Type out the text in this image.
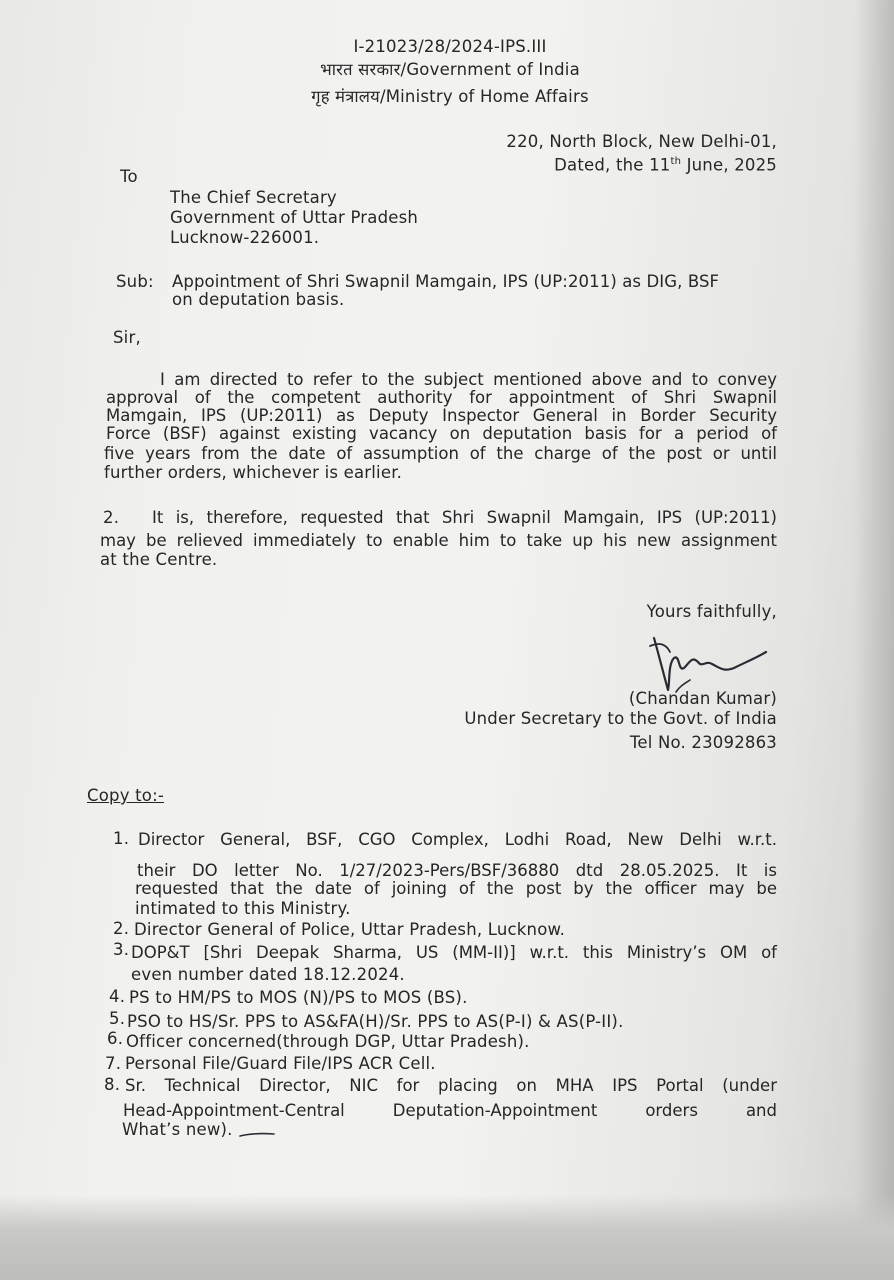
I-21023/28/2024-IPS.III
भारत सरकार/Government of India
गृह मंत्रालय/Ministry of Home Affairs
220, North Block, New Delhi-01,
Dated, the 11th June, 2025
To
The Chief Secretary
Government of Uttar Pradesh
Lucknow-226001.
Sub: Appointment of Shri Swapnil Mamgain, IPS (UP:2011) as DIG, BSF
on deputation basis.
Sir,
I am directed to refer to the subject mentioned above and to convey
approval of the competent authority for appointment of Shri Swapnil
Mamgain, IPS (UP:2011) as Deputy Inspector General in Border Security
Force (BSF) against existing vacancy on deputation basis for a period of
five years from the date of assumption of the charge of the post or until
further orders, whichever is earlier.
2. It is, therefore, requested that Shri Swapnil Mamgain, IPS (UP:2011)
may be relieved immediately to enable him to take up his new assignment
at the Centre.
Yours faithfully,
(Chandan Kumar)
Under Secretary to the Govt. of India
Tel No. 23092863
Copy to:-
1. Director General, BSF, CGO Complex, Lodhi Road, New Delhi w.r.t.
their DO letter No. 1/27/2023-Pers/BSF/36880 dtd 28.05.2025. It is
requested that the date of joining of the post by the officer may be
intimated to this Ministry.
2. Director General of Police, Uttar Pradesh, Lucknow.
3. DOP&T [Shri Deepak Sharma, US (MM-II)] w.r.t. this Ministry’s OM of
even number dated 18.12.2024.
4. PS to HM/PS to MOS (N)/PS to MOS (BS).
5. PSO to HS/Sr. PPS to AS&FA(H)/Sr. PPS to AS(P-I) & AS(P-II).
6. Officer concerned(through DGP, Uttar Pradesh).
7. Personal File/Guard File/IPS ACR Cell.
8. Sr. Technical Director, NIC for placing on MHA IPS Portal (under
Head-Appointment-Central Deputation-Appointment orders and
What’s new).
